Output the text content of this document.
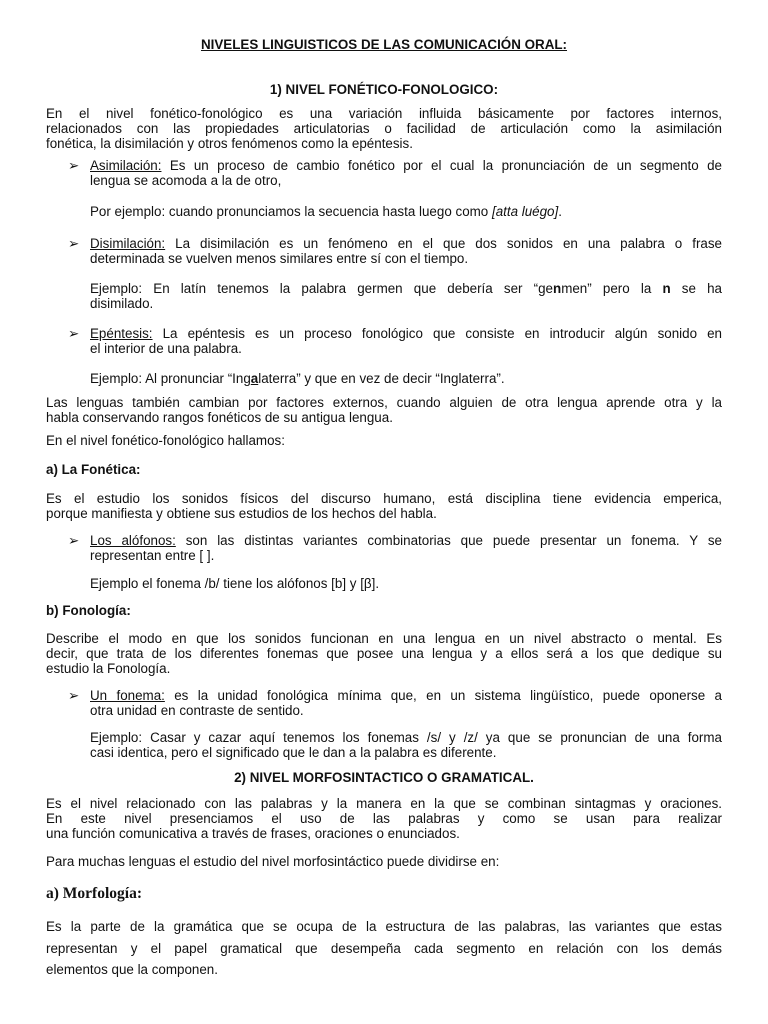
NIVELES LINGUISTICOS DE LAS COMUNICACIÓN ORAL:
1) NIVEL FONÉTICO-FONOLOGICO:
En el nivel fonético-fonológico es una variación influida básicamente por factores internos,
relacionados con las propiedades articulatorias o facilidad de articulación como la asimilación
fonética, la disimilación y otros fenómenos como la epéntesis.
➢ Asimilación: Es un proceso de cambio fonético por el cual la pronunciación de un segmento de
lengua se acomoda a la de otro,
Por ejemplo: cuando pronunciamos la secuencia hasta luego como [atta luégo].
➢ Disimilación: La disimilación es un fenómeno en el que dos sonidos en una palabra o frase
determinada se vuelven menos similares entre sí con el tiempo.
Ejemplo: En latín tenemos la palabra germen que debería ser “genmen” pero la n se ha
disimilado.
➢ Epéntesis: La epéntesis es un proceso fonológico que consiste en introducir algún sonido en
el interior de una palabra.
Ejemplo: Al pronunciar “Ingalaterra” y que en vez de decir “Inglaterra”.
Las lenguas también cambian por factores externos, cuando alguien de otra lengua aprende otra y la
habla conservando rangos fonéticos de su antigua lengua.
En el nivel fonético-fonológico hallamos:
a) La Fonética:
Es el estudio los sonidos físicos del discurso humano, está disciplina tiene evidencia emperica,
porque manifiesta y obtiene sus estudios de los hechos del habla.
➢ Los alófonos: son las distintas variantes combinatorias que puede presentar un fonema. Y se
representan entre [ ].
Ejemplo el fonema /b/ tiene los alófonos [b] y [β].
b) Fonología:
Describe el modo en que los sonidos funcionan en una lengua en un nivel abstracto o mental. Es
decir, que trata de los diferentes fonemas que posee una lengua y a ellos será a los que dedique su
estudio la Fonología.
➢ Un fonema: es la unidad fonológica mínima que, en un sistema lingüístico, puede oponerse a
otra unidad en contraste de sentido.
Ejemplo: Casar y cazar aquí tenemos los fonemas /s/ y /z/ ya que se pronuncian de una forma
casi identica, pero el significado que le dan a la palabra es diferente.
2) NIVEL MORFOSINTACTICO O GRAMATICAL.
Es el nivel relacionado con las palabras y la manera en la que se combinan sintagmas y oraciones.
En este nivel presenciamos el uso de las palabras y como se usan para realizar
una función comunicativa a través de frases, oraciones o enunciados.
Para muchas lenguas el estudio del nivel morfosintáctico puede dividirse en:
a) Morfología:
Es la parte de la gramática que se ocupa de la estructura de las palabras, las variantes que estas
representan y el papel gramatical que desempeña cada segmento en relación con los demás
elementos que la componen.
